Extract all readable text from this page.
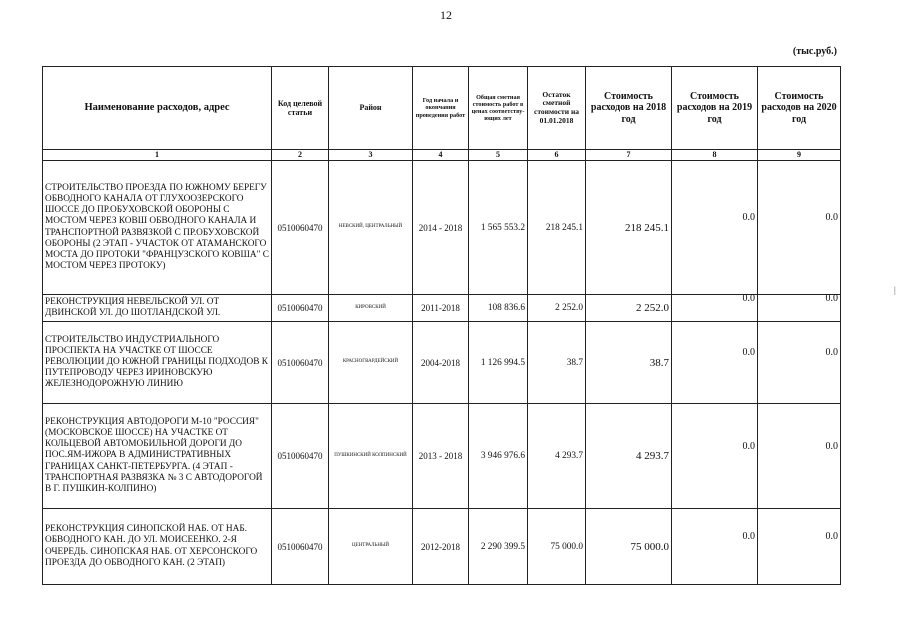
12
(тыс.руб.)
Наименование расходов, адрес	Код целевой статьи	Район	Год начала и окончания проведения работ	Общая сметная стоимость работ в ценах соответству-ющих лет	Остаток сметной стоимости на 01.01.2018	Стоимость расходов на 2018 год	Стоимость расходов на 2019 год	Стоимость расходов на 2020 год
1	2	3	4	5	6	7	8	9
СТРОИТЕЛЬСТВО ПРОЕЗДА ПО ЮЖНОМУ БЕРЕГУ ОБВОДНОГО КАНАЛА ОТ ГЛУХООЗЕРСКОГО ШОССЕ ДО ПР.ОБУХОВСКОЙ ОБОРОНЫ С МОСТОМ ЧЕРЕЗ КОВШ ОБВОДНОГО КАНАЛА И ТРАНСПОРТНОЙ РАЗВЯЗКОЙ С ПР.ОБУХОВСКОЙ ОБОРОНЫ (2 ЭТАП - УЧАСТОК ОТ АТАМАНСКОГО МОСТА ДО ПРОТОКИ "ФРАНЦУЗСКОГО КОВША" С МОСТОМ ЧЕРЕЗ ПРОТОКУ)	0510060470	НЕВСКИЙ, ЦЕНТРАЛЬНЫЙ	2014 - 2018	1 565 553.2	218 245.1	218 245.1	0.0	0.0
РЕКОНСТРУКЦИЯ НЕВЕЛЬСКОЙ УЛ. ОТ ДВИНСКОЙ УЛ. ДО ШОТЛАНДСКОЙ УЛ.	0510060470	КИРОВСКИЙ	2011-2018	108 836.6	2 252.0	2 252.0	0.0	0.0
СТРОИТЕЛЬСТВО ИНДУСТРИАЛЬНОГО ПРОСПЕКТА НА УЧАСТКЕ ОТ ШОССЕ РЕВОЛЮЦИИ ДО ЮЖНОЙ ГРАНИЦЫ ПОДХОДОВ К ПУТЕПРОВОДУ ЧЕРЕЗ ИРИНОВСКУЮ ЖЕЛЕЗНОДОРОЖНУЮ ЛИНИЮ	0510060470	КРАСНОГВАРДЕЙСКИЙ	2004-2018	1 126 994.5	38.7	38.7	0.0	0.0
РЕКОНСТРУКЦИЯ АВТОДОРОГИ М-10 "РОССИЯ" (МОСКОВСКОЕ ШОССЕ) НА УЧАСТКЕ ОТ КОЛЬЦЕВОЙ АВТОМОБИЛЬНОЙ ДОРОГИ ДО ПОС.ЯМ-ИЖОРА В АДМИНИСТРАТИВНЫХ ГРАНИЦАХ САНКТ-ПЕТЕРБУРГА. (4 ЭТАП - ТРАНСПОРТНАЯ РАЗВЯЗКА № 3 С АВТОДОРОГОЙ В Г. ПУШКИН-КОЛПИНО)	0510060470	ПУШКИНСКИЙ КОЛПИНСКИЙ	2013 - 2018	3 946 976.6	4 293.7	4 293.7	0.0	0.0
РЕКОНСТРУКЦИЯ СИНОПСКОЙ НАБ. ОТ НАБ. ОБВОДНОГО КАН. ДО УЛ. МОИСЕЕНКО. 2-Я ОЧЕРЕДЬ. СИНОПСКАЯ НАБ. ОТ ХЕРСОНСКОГО ПРОЕЗДА ДО ОБВОДНОГО КАН. (2 ЭТАП)	0510060470	ЦЕНТРАЛЬНЫЙ	2012-2018	2 290 399.5	75 000.0	75 000.0	0.0	0.0
|
